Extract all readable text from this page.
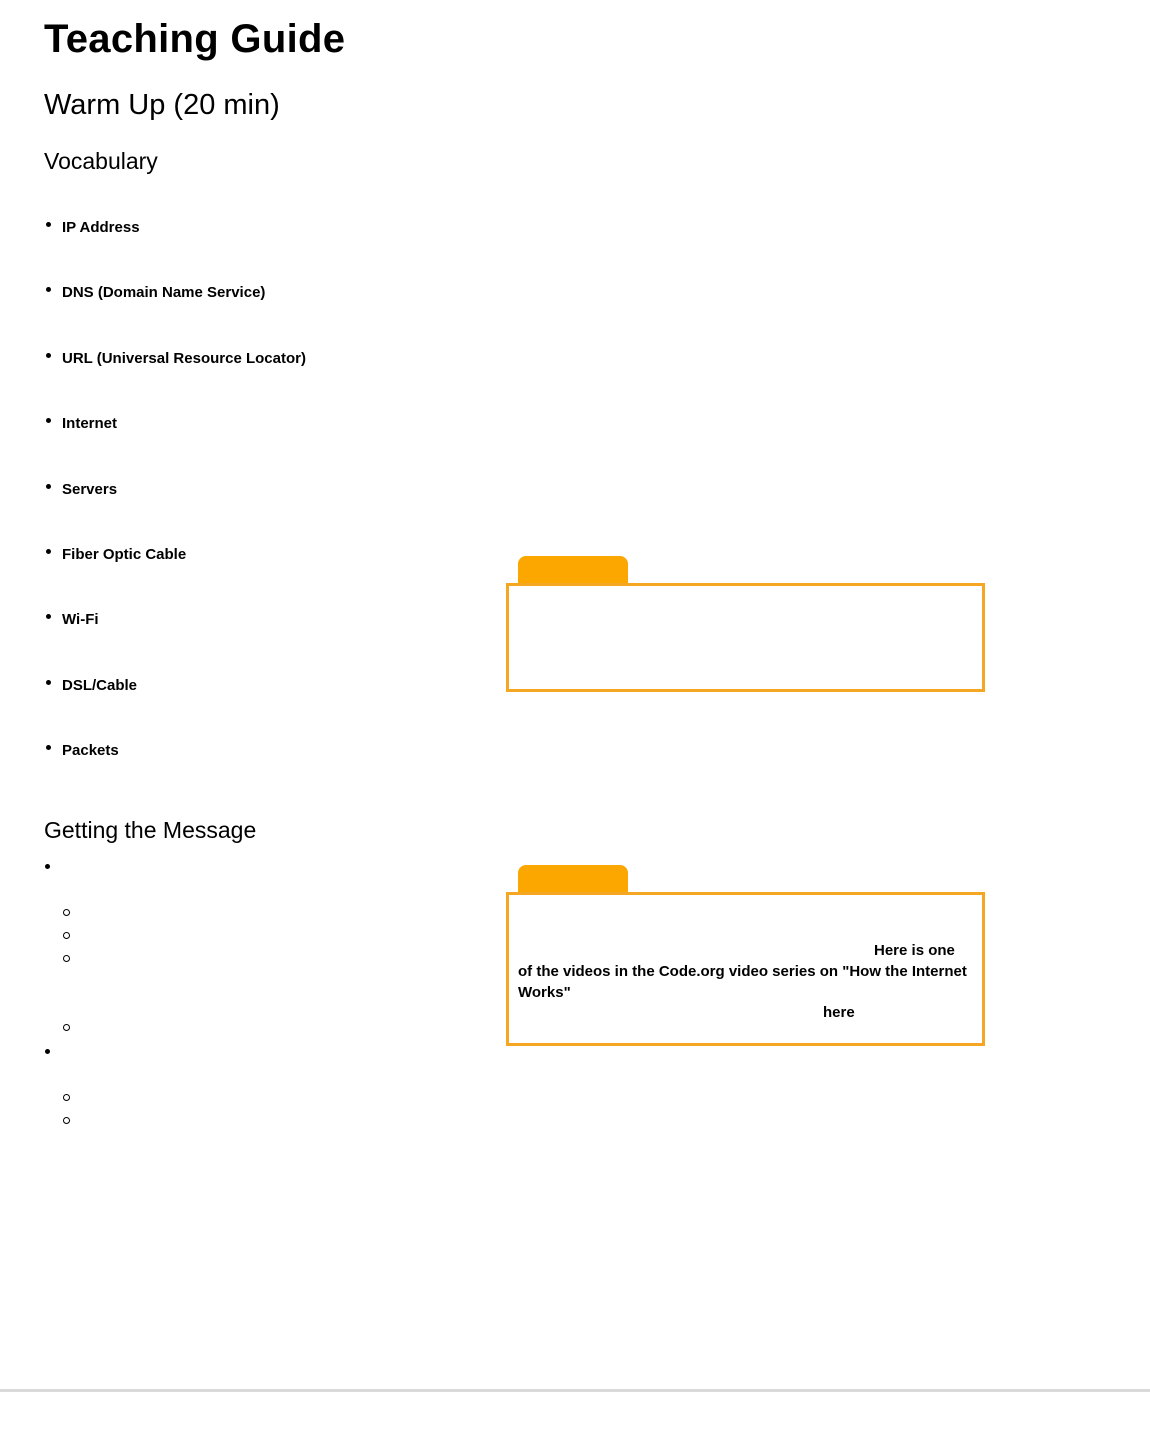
Teaching Guide
Warm Up (20 min)
Vocabulary
IP Address
DNS (Domain Name Service)
URL (Universal Resource Locator)
Internet
Servers
Fiber Optic Cable
Wi-Fi
DSL/Cable
Packets
Getting the Message

Here is one

of the videos in the Code.org video series on "How the Internet Works"

here
